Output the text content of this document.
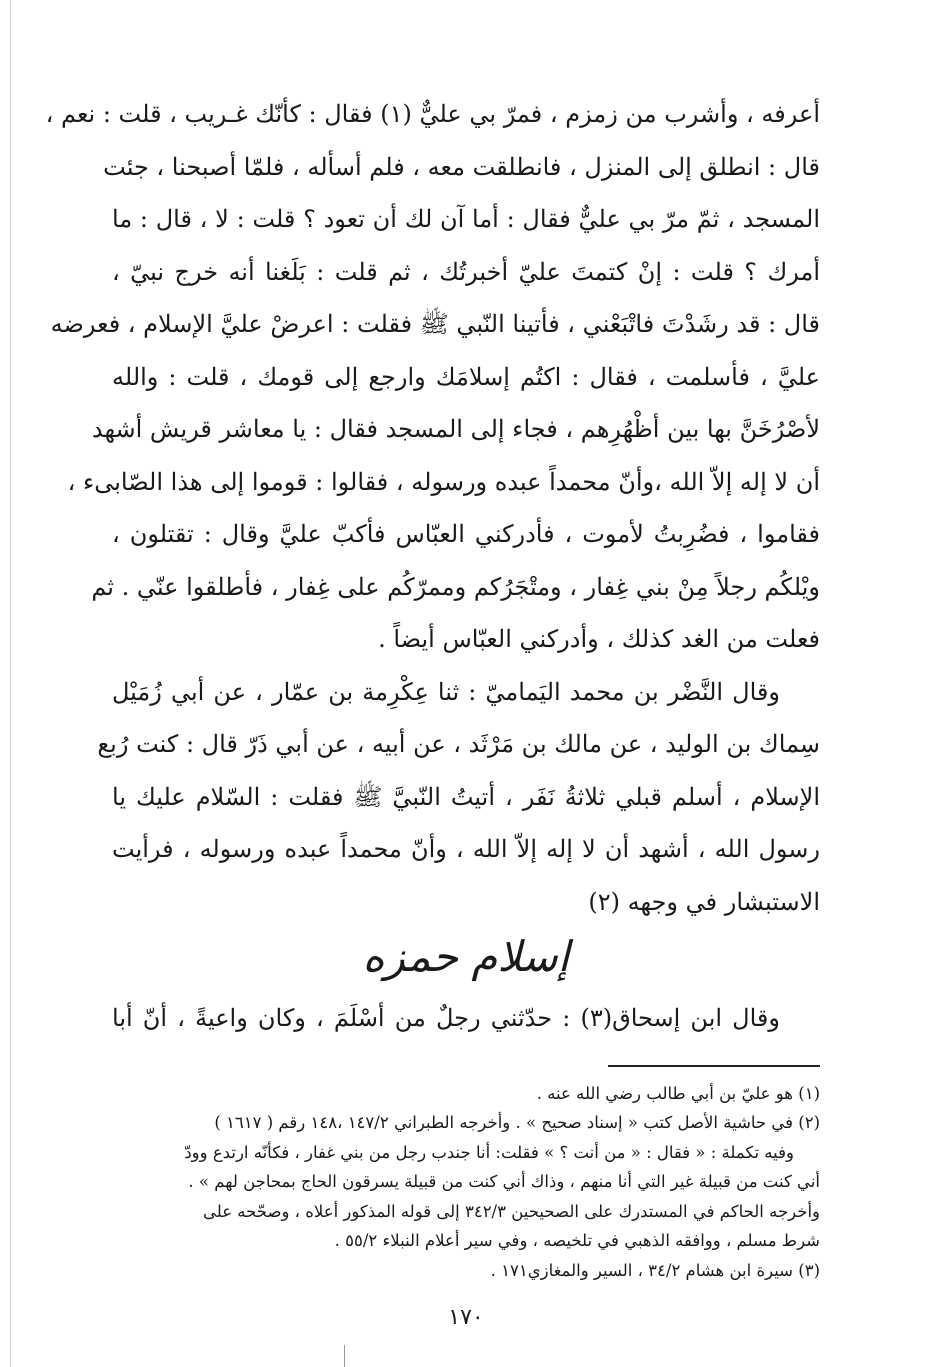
أعرفه ، وأشرب من زمزم ، فمرّ بي عليٌّ (١) فقال : كأنّك غـريب ، قلت : نعم ،
قال : انطلق إلى المنزل ، فانطلقت معه ، فلم أسأله ، فلمّا أصبحنا ، جئت
المسجد ، ثمّ مرّ بي عليٌّ فقال : أما آن لك أن تعود ؟ قلت : لا ، قال : ما
أمرك ؟ قلت : إنْ كتمتَ عليّ أخبرتُك ، ثم قلت : بَلَغنا أنه خرج نبيّ ،
قال : قد رشَدْتَ فاتْبَعْني ، فأتينا النّبي ﷺ فقلت : اعرضْ عليَّ الإسلام ، فعرضه
عليَّ ، فأسلمت ، فقال : اكتُم إسلامَك وارجع إلى قومك ، قلت : والله
لأصْرُخَنَّ بها بين أظْهُرِهم ، فجاء إلى المسجد فقال : يا معاشر قريش أشهد
أن لا إله إلاّ الله ،وأنّ محمداً عبده ورسوله ، فقالوا : قوموا إلى هذا الصّابىء ،
فقاموا ، فضُرِبتُ لأموت ، فأدركني العبّاس فأكبّ عليَّ وقال : تقتلون ،
ويْلكُم رجلاً مِنْ بني غِفار ، ومتْجَرُكم وممرّكُم على غِفار ، فأطلقوا عنّي . ثم
فعلت من الغد كذلك ، وأدركني العبّاس أيضاً .
وقال النَّضْر بن محمد اليَماميّ : ثنا عِكْرِمة بن عمّار ، عن أبي زُمَيْل
سِماك بن الوليد ، عن مالك بن مَرْثَد ، عن أبيه ، عن أبي ذَرّ قال : كنت رُبع
الإسلام ، أسلم قبلي ثلاثةُ نَفَر ، أتيتُ النّبيَّ ﷺ فقلت : السّلام عليك يا
رسول الله ، أشهد أن لا إله إلاّ الله ، وأنّ محمداً عبده ورسوله ، فرأيت
الاستبشار في وجهه (٢)
إسلام حمزه
وقال ابن إسحاق(٣) : حدّثني رجلٌ من أسْلَمَ ، وكان واعيةً ، أنّ أبا
(١) هو عليّ بن أبي طالب رضي الله عنه .
(٢) في حاشية الأصل كتب « إسناد صحيح » . وأخرجه الطبراني ١٤٧/٢ ،١٤٨ رقم ( ١٦١٧ )
وفيه تكملة : « فقال : « من أنت ؟ » فقلت: أنا جندب رجل من بني غفار ، فكأنّه ارتدع وودّ
أني كنت من قبيلة غير التي أنا منهم ، وذاك أني كنت من قبيلة يسرقون الحاج بمحاجن لهم » .
وأخرجه الحاكم في المستدرك على الصحيحين ٣٤٢/٣ إلى قوله المذكور أعلاه ، وصحّحه على
شرط مسلم ، ووافقه الذهبي في تلخيصه ، وفي سير أعلام النبلاء ٥٥/٢ .
(٣) سيرة ابن هشام ٣٤/٢ ، السير والمغازي١٧١ .
١٧٠
